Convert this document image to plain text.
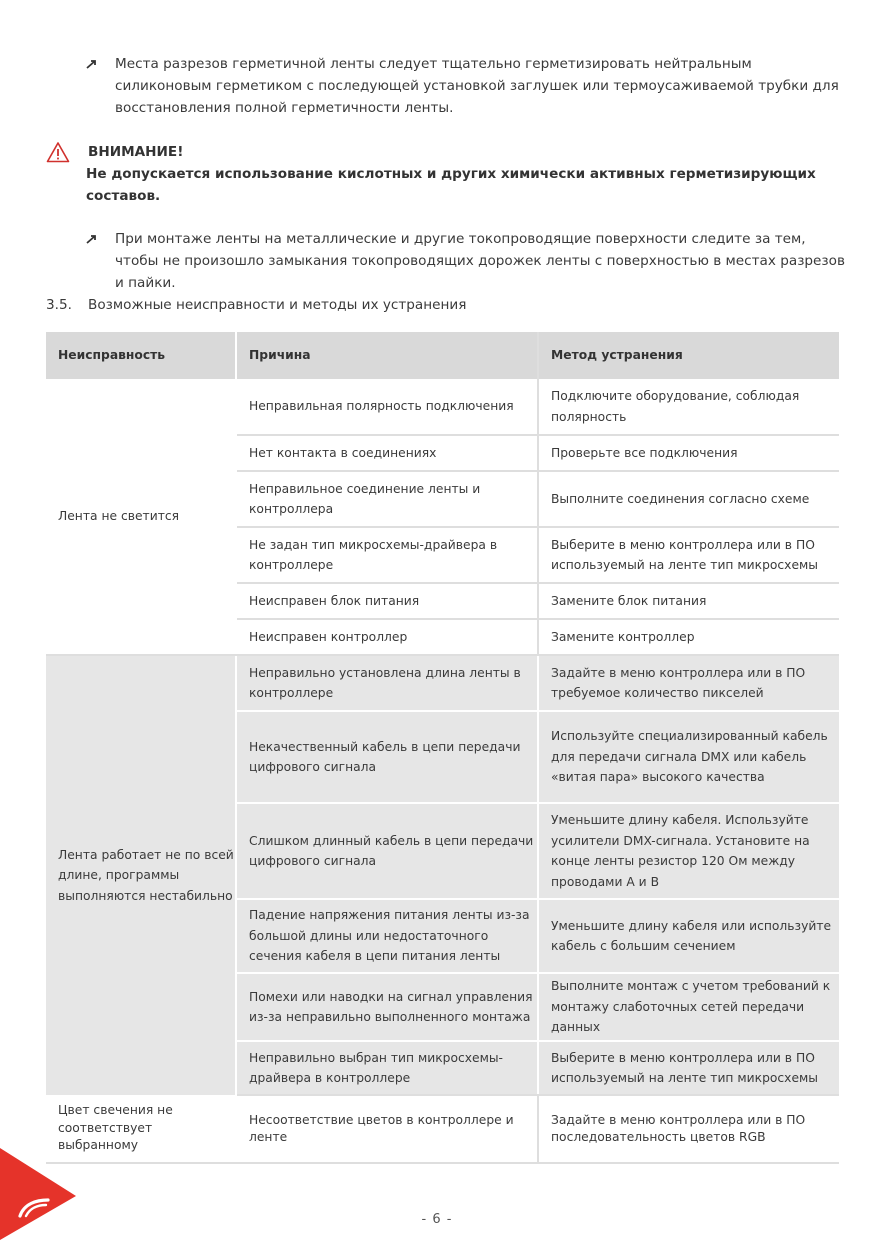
Места разрезов герметичной ленты следует тщательно герметизировать нейтральным силиконовым герметиком с последующей установкой заглушек или термоусаживаемой трубки для восстановления полной герметичности ленты.
ВНИМАНИЕ!
Не допускается использование кислотных и других химически активных герметизирующих составов.
При монтаже ленты на металлические и другие токопроводящие поверхности следите за тем, чтобы не произошло замыкания токопроводящих дорожек ленты с поверхностью в местах разрезов и пайки.
3.5. Возможные неисправности и методы их устранения
Неисправность	Причина	Метод устранения
Лента не светится	Неправильная полярность подключения	Подключите оборудование, соблюдая полярность
	Нет контакта в соединениях	Проверьте все подключения
	Неправильное соединение ленты и контроллера	Выполните соединения согласно схеме
	Не задан тип микросхемы-драйвера в контроллере	Выберите в меню контроллера или в ПО используемый на ленте тип микросхемы
	Неисправен блок питания	Замените блок питания
	Неисправен контроллер	Замените контроллер
Лента работает не по всей длине, программы выполняются нестабильно	Неправильно установлена длина ленты в контроллере	Задайте в меню контроллера или в ПО требуемое количество пикселей
	Некачественный кабель в цепи передачи цифрового сигнала	Используйте специализированный кабель для передачи сигнала DMX или кабель «витая пара» высокого качества
	Слишком длинный кабель в цепи передачи цифрового сигнала	Уменьшите длину кабеля. Используйте усилители DMX-сигнала. Установите на конце ленты резистор 120 Ом между проводами А и В
	Падение напряжения питания ленты из-за большой длины или недостаточного сечения кабеля в цепи питания ленты	Уменьшите длину кабеля или используйте кабель с большим сечением
	Помехи или наводки на сигнал управления из-за неправильно выполненного монтажа	Выполните монтаж с учетом требований к монтажу слаботочных сетей передачи данных
	Неправильно выбран тип микросхемы-драйвера в контроллере	Выберите в меню контроллера или в ПО используемый на ленте тип микросхемы
Цвет свечения не соответствует выбранному	Несоответствие цветов в контроллере и ленте	Задайте в меню контроллера или в ПО последовательность цветов RGB
- 6 -
